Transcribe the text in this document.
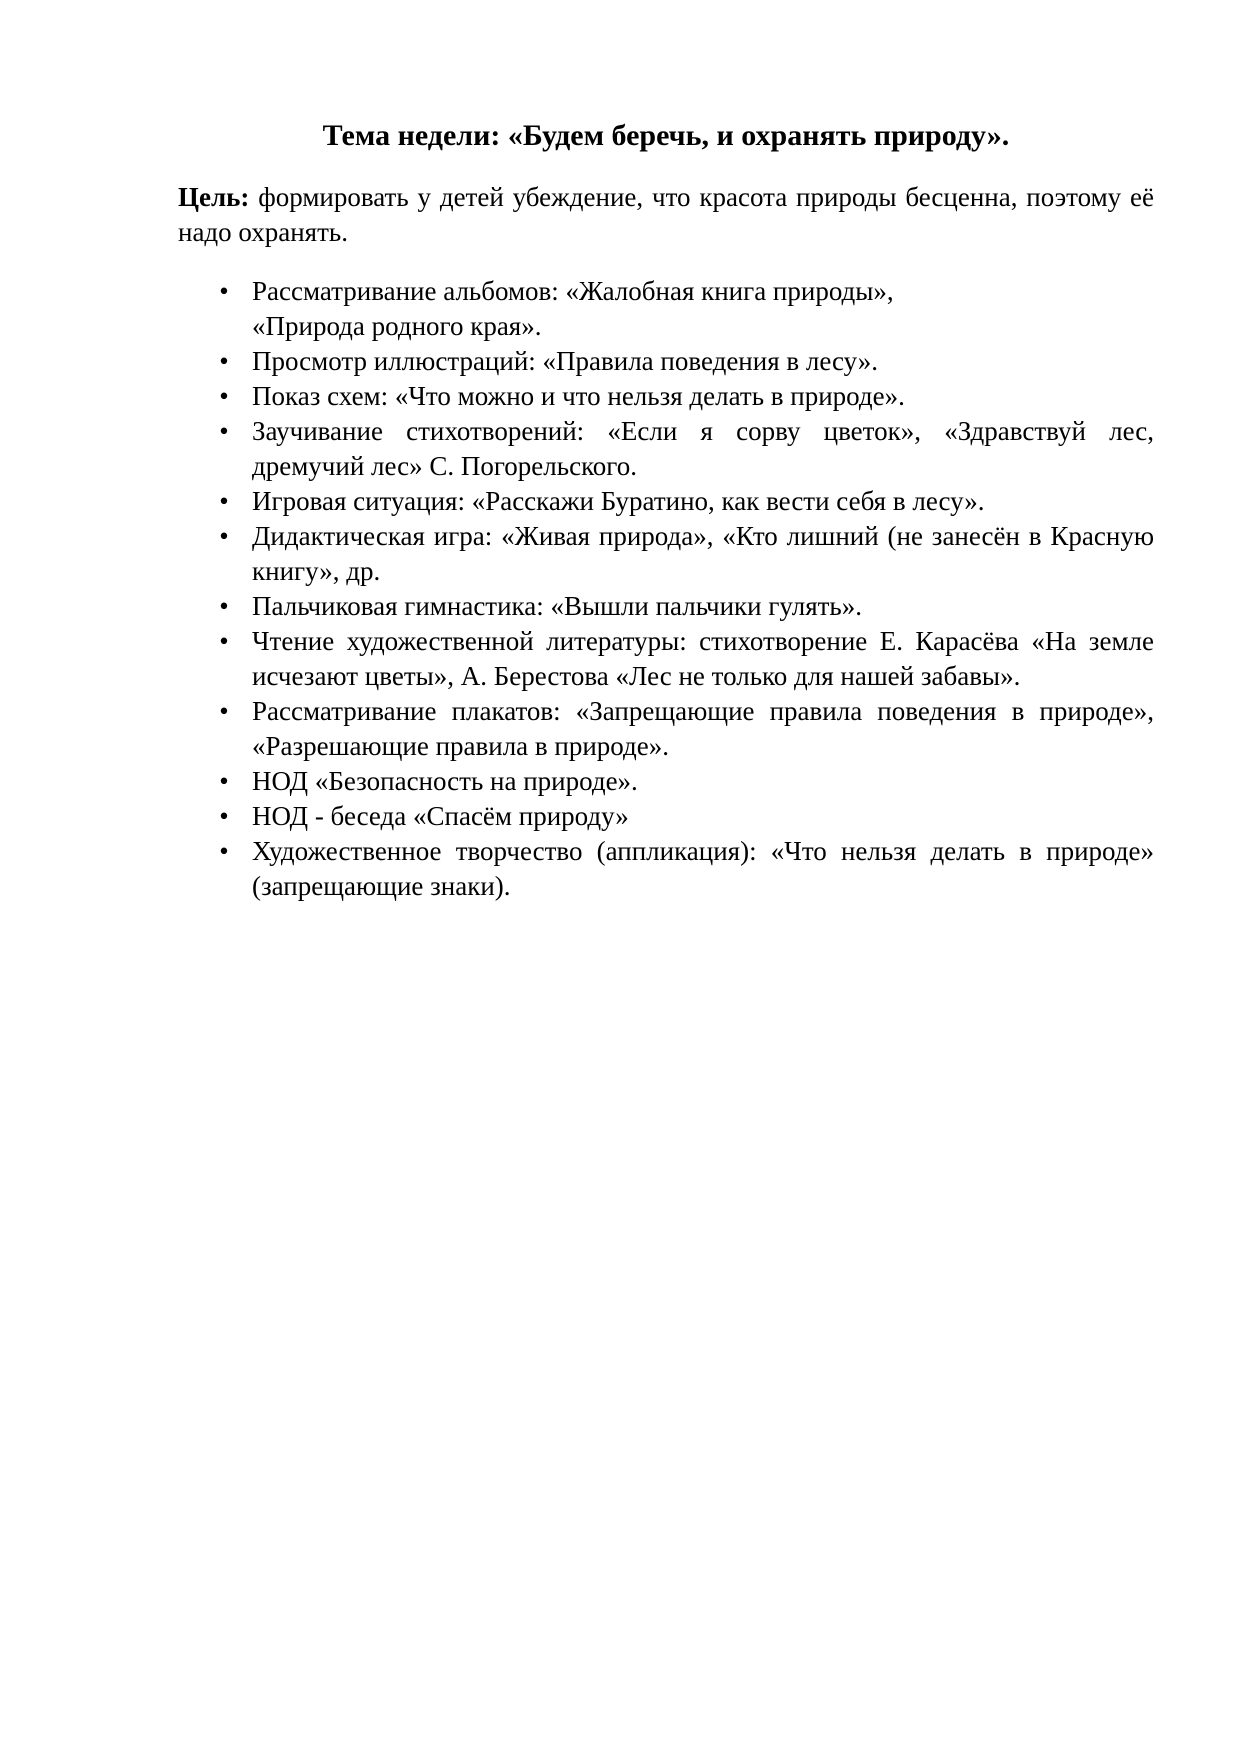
Тема недели: «Будем беречь, и охранять природу».

Цель: формировать у детей убеждение, что красота природы бесценна, поэтому её надо охранять.

• Рассматривание альбомов: «Жалобная книга природы»,
«Природа родного края».
• Просмотр иллюстраций: «Правила поведения в лесу».
• Показ схем: «Что можно и что нельзя делать в природе».
• Заучивание стихотворений: «Если я сорву цветок», «Здравствуй лес, дремучий лес» С. Погорельского.
• Игровая ситуация: «Расскажи Буратино, как вести себя в лесу».
• Дидактическая игра: «Живая природа», «Кто лишний (не занесён в Красную книгу», др.
• Пальчиковая гимнастика: «Вышли пальчики гулять».
• Чтение художественной литературы: стихотворение Е. Карасёва «На земле исчезают цветы», А. Берестова «Лес не только для нашей забавы».
• Рассматривание плакатов: «Запрещающие правила поведения в природе», «Разрешающие правила в природе».
• НОД «Безопасность на природе».
• НОД - беседа «Спасём природу»
• Художественное творчество (аппликация): «Что нельзя делать в природе» (запрещающие знаки).
